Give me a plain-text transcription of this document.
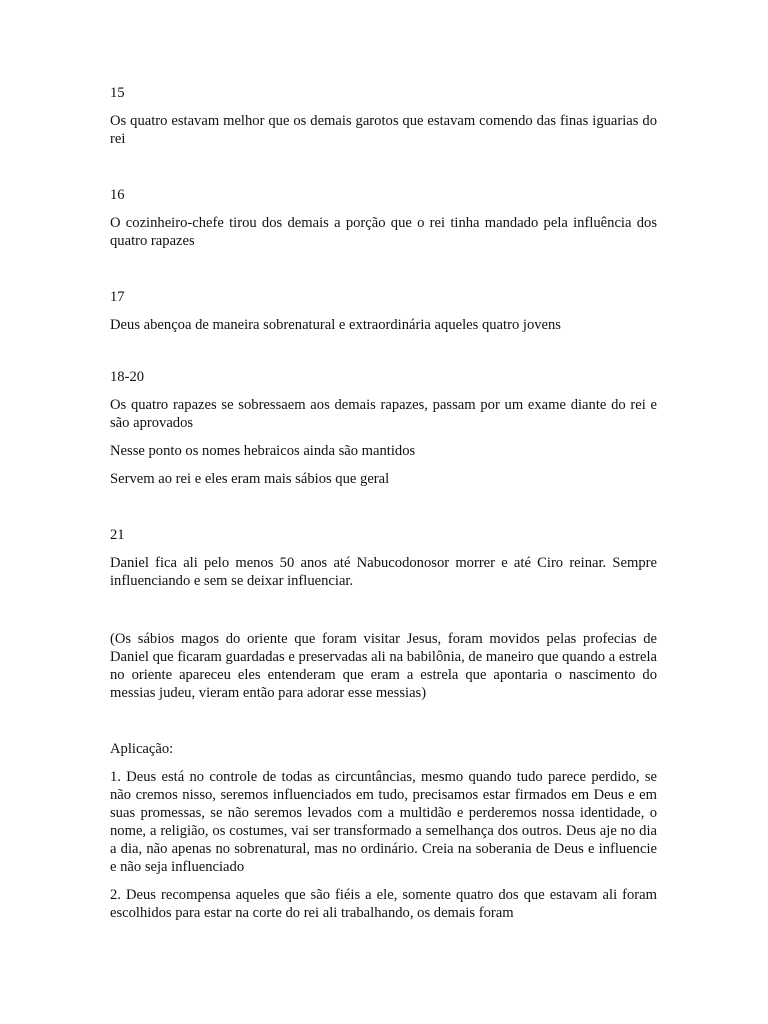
15
Os quatro estavam melhor que os demais garotos que estavam comendo das finas iguarias do rei
16
O cozinheiro-chefe tirou dos demais a porção que o rei tinha mandado pela influência dos quatro rapazes
17
Deus abençoa de maneira sobrenatural e extraordinária aqueles quatro jovens
18-20
Os quatro rapazes se sobressaem aos demais rapazes, passam por um exame diante do rei e são aprovados
Nesse ponto os nomes hebraicos ainda são mantidos
Servem ao rei e eles eram mais sábios que geral
21
Daniel fica ali pelo menos 50 anos até Nabucodonosor morrer e até Ciro reinar. Sempre influenciando e sem se deixar influenciar.
(Os sábios magos do oriente que foram visitar Jesus, foram movidos pelas profecias de Daniel que ficaram guardadas e preservadas ali na babilônia, de maneiro que quando a estrela no oriente apareceu eles entenderam que eram a estrela que apontaria o nascimento do messias judeu, vieram então para adorar esse messias)
Aplicação:
1. Deus está no controle de todas as circuntâncias, mesmo quando tudo parece perdido, se não cremos nisso, seremos influenciados em tudo, precisamos estar firmados em Deus e em suas promessas, se não seremos levados com a multidão e perderemos nossa identidade, o nome, a religião, os costumes, vai ser transformado a semelhança dos outros. Deus aje no dia a dia, não apenas no sobrenatural, mas no ordinário. Creia na soberania de Deus e influencie e não seja influenciado
2. Deus recompensa aqueles que são fiéis a ele, somente quatro dos que estavam ali foram escolhidos para estar na corte do rei ali trabalhando, os demais foram
